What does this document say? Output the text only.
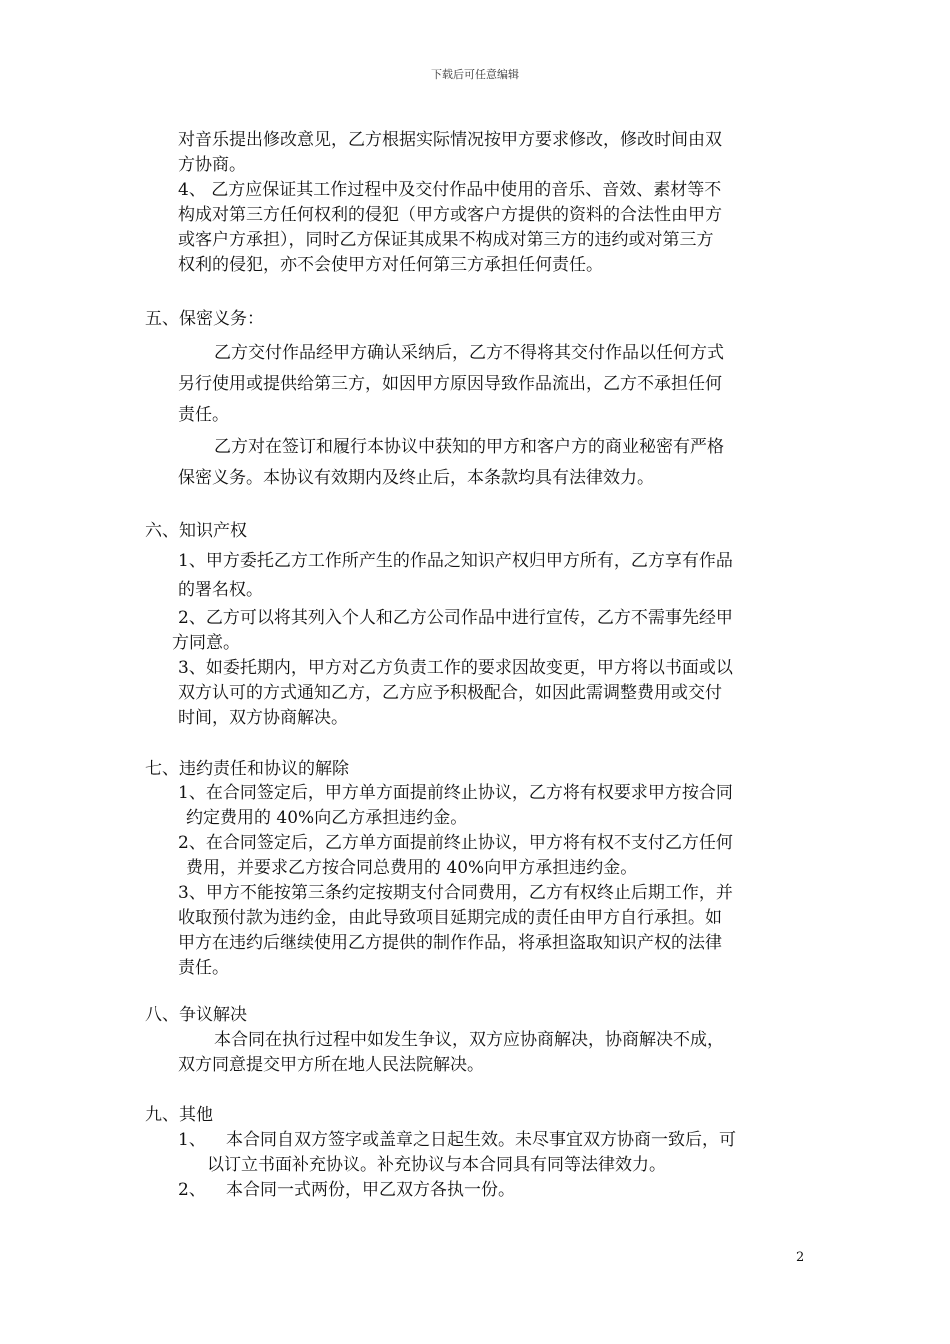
下载后可任意编辑
对音乐提出修改意见，乙方根据实际情况按甲方要求修改，修改时间由双
方协商。
4、 乙方应保证其工作过程中及交付作品中使用的音乐、音效、素材等不
构成对第三方任何权利的侵犯（甲方或客户方提供的资料的合法性由甲方
或客户方承担），同时乙方保证其成果不构成对第三方的违约或对第三方
权利的侵犯，亦不会使甲方对任何第三方承担任何责任。
五、保密义务：
乙方交付作品经甲方确认采纳后，乙方不得将其交付作品以任何方式
另行使用或提供给第三方，如因甲方原因导致作品流出，乙方不承担任何
责任。
乙方对在签订和履行本协议中获知的甲方和客户方的商业秘密有严格
保密义务。本协议有效期内及终止后，本条款均具有法律效力。
六、知识产权
1、甲方委托乙方工作所产生的作品之知识产权归甲方所有，乙方享有作品
的署名权。
2、乙方可以将其列入个人和乙方公司作品中进行宣传，乙方不需事先经甲
方同意。
3、如委托期内，甲方对乙方负责工作的要求因故变更，甲方将以书面或以
双方认可的方式通知乙方，乙方应予积极配合，如因此需调整费用或交付
时间，双方协商解决。
七、违约责任和协议的解除
1、在合同签定后，甲方单方面提前终止协议，乙方将有权要求甲方按合同
约定费用的 40%向乙方承担违约金。
2、在合同签定后，乙方单方面提前终止协议，甲方将有权不支付乙方任何
费用，并要求乙方按合同总费用的 40%向甲方承担违约金。
3、甲方不能按第三条约定按期支付合同费用，乙方有权终止后期工作，并
收取预付款为违约金，由此导致项目延期完成的责任由甲方自行承担。如
甲方在违约后继续使用乙方提供的制作作品，将承担盗取知识产权的法律
责任。
八、争议解决
本合同在执行过程中如发生争议，双方应协商解决，协商解决不成，
双方同意提交甲方所在地人民法院解决。
九、其他
1、 本合同自双方签字或盖章之日起生效。未尽事宜双方协商一致后，可
以订立书面补充协议。补充协议与本合同具有同等法律效力。
2、 本合同一式两份，甲乙双方各执一份。
2
